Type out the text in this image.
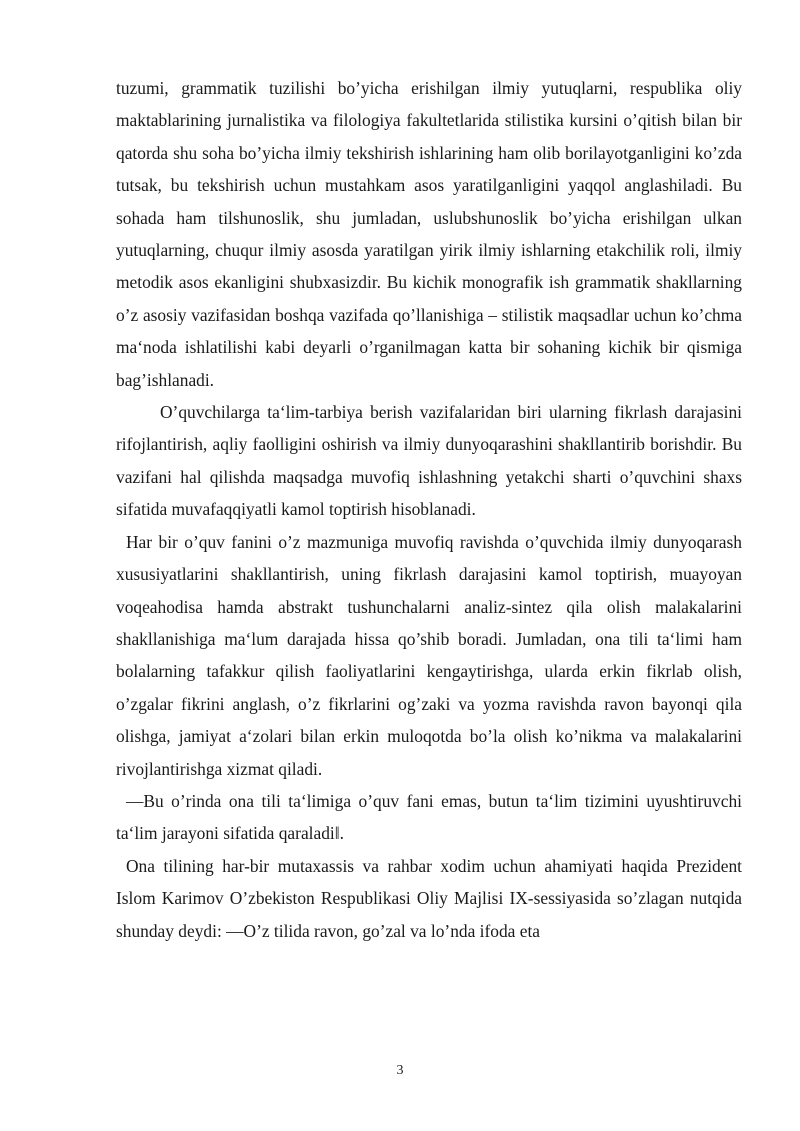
tuzumi, grammatik tuzilishi bo’yicha erishilgan ilmiy yutuqlarni, respublika oliy maktablarining jurnalistika va filologiya fakultetlarida stilistika kursini o’qitish bilan bir qatorda shu soha bo’yicha ilmiy tekshirish ishlarining ham olib borilayotganligini ko’zda tutsak, bu tekshirish uchun mustahkam asos yaratilganligini yaqqol anglashiladi. Bu sohada ham tilshunoslik, shu jumladan, uslubshunoslik bo’yicha erishilgan ulkan yutuqlarning, chuqur ilmiy asosda yaratilgan yirik ilmiy ishlarning etakchilik roli, ilmiy metodik asos ekanligini shubxasizdir. Bu kichik monografik ish grammatik shakllarning o’z asosiy vazifasidan boshqa vazifada qo’llanishiga – stilistik maqsadlar uchun ko’chma ma‘noda ishlatilishi kabi deyarli o’rganilmagan katta bir sohaning kichik bir qismiga bag’ishlanadi.

O’quvchilarga ta‘lim-tarbiya berish vazifalaridan biri ularning fikrlash darajasini rifojlantirish, aqliy faolligini oshirish va ilmiy dunyoqarashini shakllantirib borishdir. Bu vazifani hal qilishda maqsadga muvofiq ishlashning yetakchi sharti o’quvchini shaxs sifatida muvafaqqiyatli kamol toptirish hisoblanadi.

Har bir o’quv fanini o’z mazmuniga muvofiq ravishda o’quvchida ilmiy dunyoqarash xususiyatlarini shakllantirish, uning fikrlash darajasini kamol toptirish, muayoyan voqeahodisa hamda abstrakt tushunchalarni analiz-sintez qila olish malakalarini shakllanishiga ma‘lum darajada hissa qo’shib boradi. Jumladan, ona tili ta‘limi ham bolalarning tafakkur qilish faoliyatlarini kengaytirishga, ularda erkin fikrlab olish, o’zgalar fikrini anglash, o’z fikrlarini og’zaki va yozma ravishda ravon bayonqi qila olishga, jamiyat a‘zolari bilan erkin muloqotda bo’la olish ko’nikma va malakalarini rivojlantirishga xizmat qiladi.

―Bu o’rinda ona tili ta‘limiga o’quv fani emas, butun ta‘lim tizimini uyushtiruvchi ta‘lim jarayoni sifatida qaraladi‖.

Ona tilining har-bir mutaxassis va rahbar xodim uchun ahamiyati haqida Prezident Islom Karimov O’zbekiston Respublikasi Oliy Majlisi IX-sessiyasida so’zlagan nutqida shunday deydi: ―O’z tilida ravon, go’zal va lo’nda ifoda eta

3
